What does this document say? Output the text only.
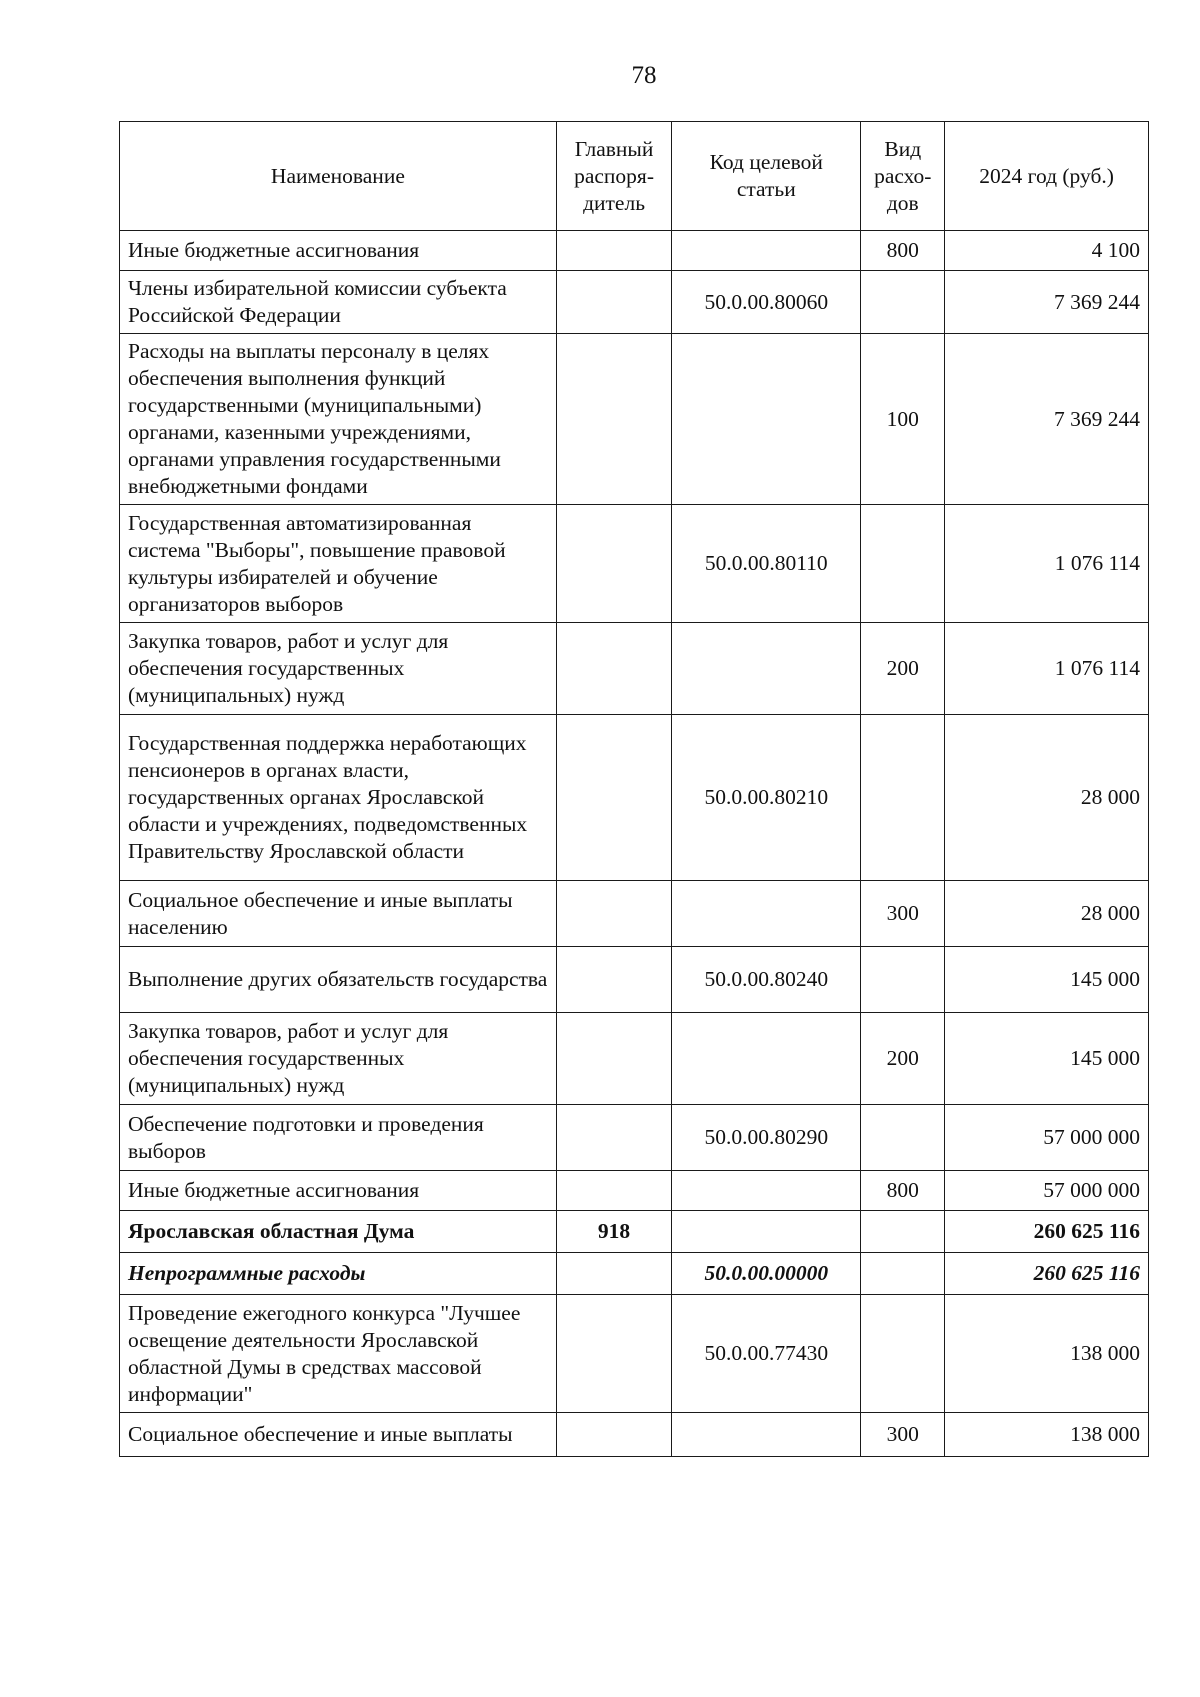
78
Наименование	Главный распоря-дитель	Код целевой статьи	Вид расхо-дов	2024 год (руб.)
Иные бюджетные ассигнования			800	4 100
Члены избирательной комиссии субъекта Российской Федерации		50.0.00.80060		7 369 244
Расходы на выплаты персоналу в целях обеспечения выполнения функций государственными (муниципальными) органами, казенными учреждениями, органами управления государственными внебюджетными фондами			100	7 369 244
Государственная автоматизированная система "Выборы", повышение правовой культуры избирателей и обучение организаторов выборов		50.0.00.80110		1 076 114
Закупка товаров, работ и услуг для обеспечения государственных (муниципальных) нужд			200	1 076 114
Государственная поддержка неработающих пенсионеров в органах власти, государственных органах Ярославской области и учреждениях, подведомственных Правительству Ярославской области		50.0.00.80210		28 000
Социальное обеспечение и иные выплаты населению			300	28 000
Выполнение других обязательств государства		50.0.00.80240		145 000
Закупка товаров, работ и услуг для обеспечения государственных (муниципальных) нужд			200	145 000
Обеспечение подготовки и проведения выборов		50.0.00.80290		57 000 000
Иные бюджетные ассигнования			800	57 000 000
Ярославская областная Дума	918			260 625 116
Непрограммные расходы		50.0.00.00000		260 625 116
Проведение ежегодного конкурса "Лучшее освещение деятельности Ярославской областной Думы в средствах массовой информации"		50.0.00.77430		138 000
Социальное обеспечение и иные выплаты			300	138 000
